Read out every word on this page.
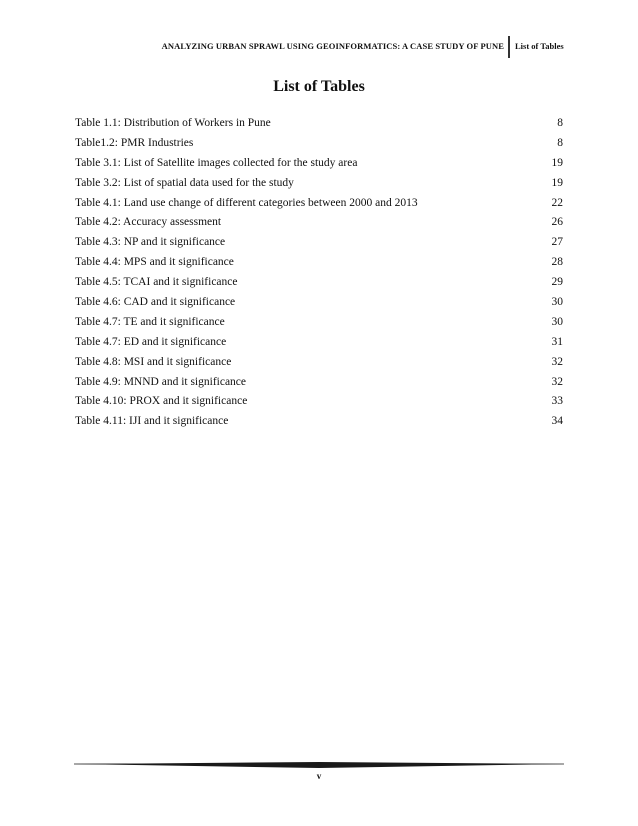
ANALYZING URBAN SPRAWL USING GEOINFORMATICS: A CASE STUDY OF PUNE List of Tables
List of Tables
Table 1.1: Distribution of Workers in Pune	8
Table1.2: PMR Industries	8
Table 3.1: List of Satellite images collected for the study area	19
Table 3.2: List of spatial data used for the study	19
Table 4.1: Land use change of different categories between 2000 and 2013	22
Table 4.2: Accuracy assessment	26
Table 4.3: NP and it significance	27
Table 4.4: MPS and it significance	28
Table 4.5: TCAI and it significance	29
Table 4.6: CAD and it significance	30
Table 4.7: TE and it significance	30
Table 4.7: ED and it significance	31
Table 4.8: MSI and it significance	32
Table 4.9: MNND and it significance	32
Table 4.10: PROX and it significance	33
Table 4.11: IJI and it significance	34
v
